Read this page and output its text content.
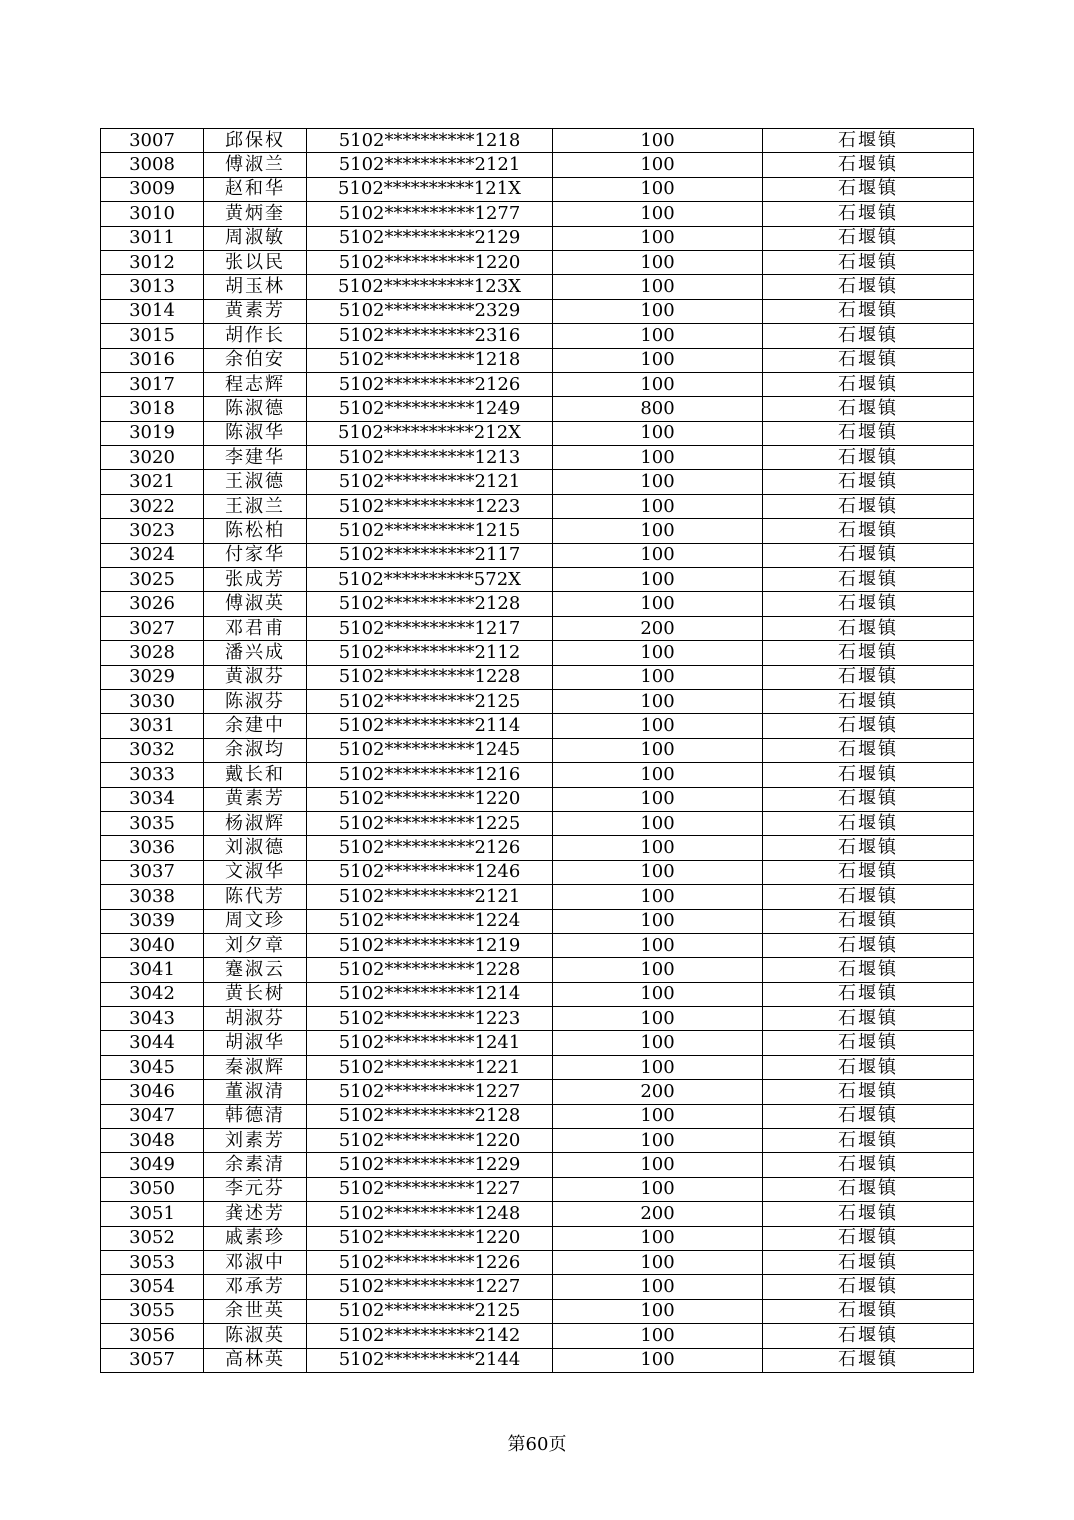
3007	邱保权	5102**********1218	100	石堰镇
3008	傅淑兰	5102**********2121	100	石堰镇
3009	赵和华	5102**********121X	100	石堰镇
3010	黄炳奎	5102**********1277	100	石堰镇
3011	周淑敏	5102**********2129	100	石堰镇
3012	张以民	5102**********1220	100	石堰镇
3013	胡玉林	5102**********123X	100	石堰镇
3014	黄素芳	5102**********2329	100	石堰镇
3015	胡作长	5102**********2316	100	石堰镇
3016	余伯安	5102**********1218	100	石堰镇
3017	程志辉	5102**********2126	100	石堰镇
3018	陈淑德	5102**********1249	800	石堰镇
3019	陈淑华	5102**********212X	100	石堰镇
3020	李建华	5102**********1213	100	石堰镇
3021	王淑德	5102**********2121	100	石堰镇
3022	王淑兰	5102**********1223	100	石堰镇
3023	陈松柏	5102**********1215	100	石堰镇
3024	付家华	5102**********2117	100	石堰镇
3025	张成芳	5102**********572X	100	石堰镇
3026	傅淑英	5102**********2128	100	石堰镇
3027	邓君甫	5102**********1217	200	石堰镇
3028	潘兴成	5102**********2112	100	石堰镇
3029	黄淑芬	5102**********1228	100	石堰镇
3030	陈淑芬	5102**********2125	100	石堰镇
3031	余建中	5102**********2114	100	石堰镇
3032	余淑均	5102**********1245	100	石堰镇
3033	戴长和	5102**********1216	100	石堰镇
3034	黄素芳	5102**********1220	100	石堰镇
3035	杨淑辉	5102**********1225	100	石堰镇
3036	刘淑德	5102**********2126	100	石堰镇
3037	文淑华	5102**********1246	100	石堰镇
3038	陈代芳	5102**********2121	100	石堰镇
3039	周文珍	5102**********1224	100	石堰镇
3040	刘夕章	5102**********1219	100	石堰镇
3041	蹇淑云	5102**********1228	100	石堰镇
3042	黄长树	5102**********1214	100	石堰镇
3043	胡淑芬	5102**********1223	100	石堰镇
3044	胡淑华	5102**********1241	100	石堰镇
3045	秦淑辉	5102**********1221	100	石堰镇
3046	董淑清	5102**********1227	200	石堰镇
3047	韩德清	5102**********2128	100	石堰镇
3048	刘素芳	5102**********1220	100	石堰镇
3049	余素清	5102**********1229	100	石堰镇
3050	李元芬	5102**********1227	100	石堰镇
3051	龚述芳	5102**********1248	200	石堰镇
3052	戚素珍	5102**********1220	100	石堰镇
3053	邓淑中	5102**********1226	100	石堰镇
3054	邓承芳	5102**********1227	100	石堰镇
3055	余世英	5102**********2125	100	石堰镇
3056	陈淑英	5102**********2142	100	石堰镇
3057	高林英	5102**********2144	100	石堰镇
第60页
